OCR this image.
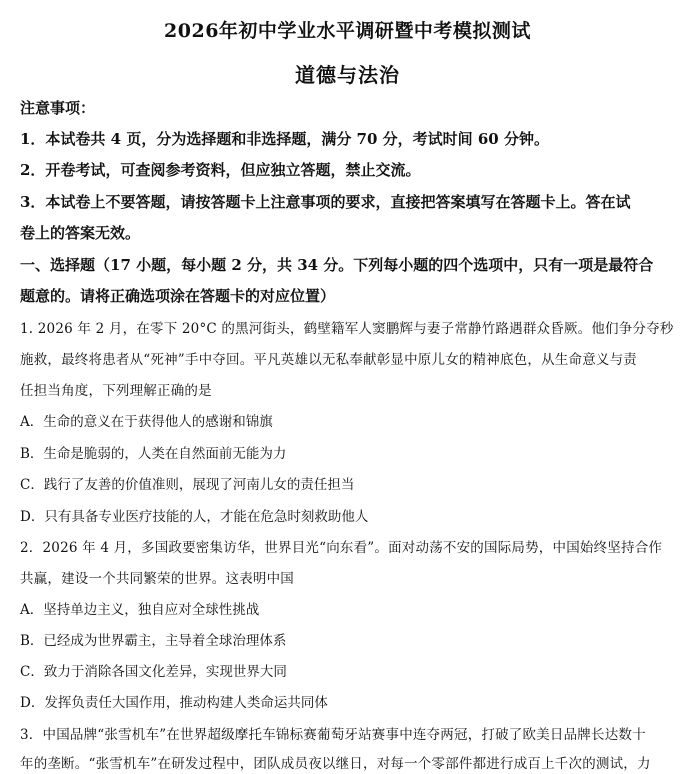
2026年初中学业水平调研暨中考模拟测试
道德与法治
注意事项：
1．本试卷共 4 页，分为选择题和非选择题，满分 70 分，考试时间 60 分钟。
2．开卷考试，可查阅参考资料，但应独立答题，禁止交流。
3．本试卷上不要答题，请按答题卡上注意事项的要求，直接把答案填写在答题卡上。答在试
卷上的答案无效。
一、选择题（17 小题，每小题 2 分，共 34 分。下列每小题的四个选项中，只有一项是最符合
题意的。请将正确选项涂在答题卡的对应位置）
1. 2026 年 2 月，在零下 20°C 的黑河街头，鹤壁籍军人窦鹏辉与妻子常静竹路遇群众昏厥。他们争分夺秒
施救，最终将患者从“死神”手中夺回。平凡英雄以无私奉献彰显中原儿女的精神底色，从生命意义与责
任担当角度，下列理解正确的是
A．生命的意义在于获得他人的感谢和锦旗
B．生命是脆弱的，人类在自然面前无能为力
C．践行了友善的价值准则，展现了河南儿女的责任担当
D．只有具备专业医疗技能的人，才能在危急时刻救助他人
2．2026 年 4 月，多国政要密集访华，世界目光“向东看”。面对动荡不安的国际局势，中国始终坚持合作
共赢，建设一个共同繁荣的世界。这表明中国
A．坚持单边主义，独自应对全球性挑战
B．已经成为世界霸主，主导着全球治理体系
C．致力于消除各国文化差异，实现世界大同
D．发挥负责任大国作用，推动构建人类命运共同体
3．中国品牌“张雪机车”在世界超级摩托车锦标赛葡萄牙站赛事中连夺两冠，打破了欧美日品牌长达数十
年的垄断。“张雪机车”在研发过程中，团队成员夜以继日，对每一个零部件都进行成百上千次的测试，力
